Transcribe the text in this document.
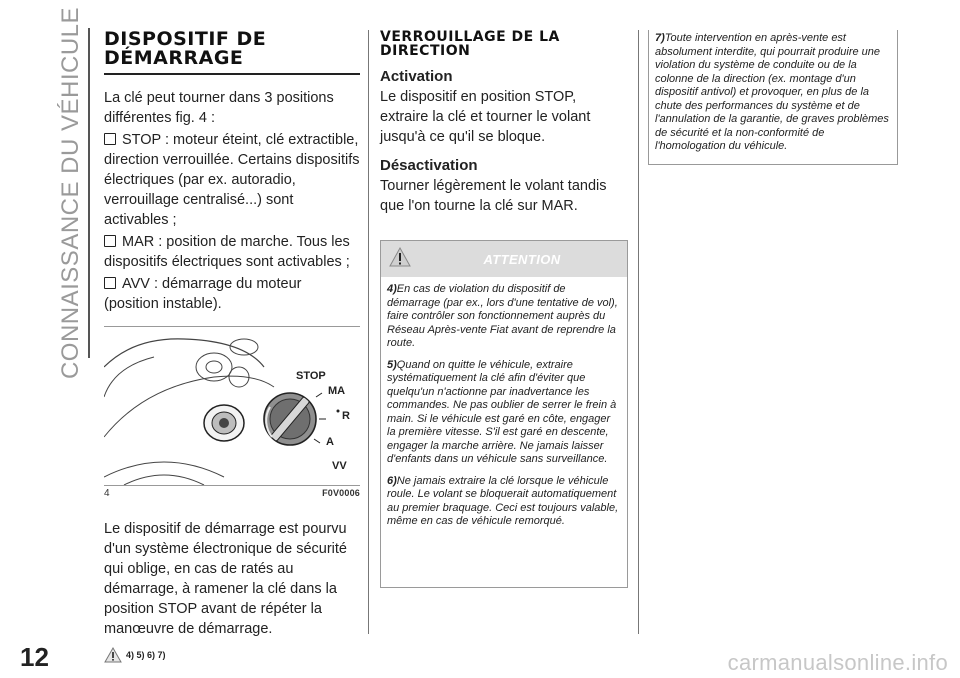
CONNAISSANCE DU VÉHICULE DISPOSITIF DE
DÉMARRAGE

La clé peut tourner dans 3 positions différentes fig. 4 :

STOP : moteur éteint, clé extractible, direction verrouillée. Certains dispositifs électriques (par ex. autoradio, verrouillage centralisé...) sont activables ;
MAR : position de marche. Tous les dispositifs électriques sont activables ;
AVV : démarrage du moteur (position instable).
STOP
MA
R
A
VV
4	F0V0006

Le dispositif de démarrage est pourvu d'un système électronique de sécurité qui oblige, en cas de ratés au démarrage, à ramener la clé dans la position STOP avant de répéter la manœuvre de démarrage.

4) 5) 6) 7)
VERROUILLAGE DE LA
DIRECTION
Activation

Le dispositif en position STOP, extraire la clé et tourner le volant jusqu'à ce qu'il se bloque.

Désactivation

Tourner légèrement le volant tandis que l'on tourne la clé sur MAR.

ATTENTION

4)En cas de violation du dispositif de démarrage (par ex., lors d'une tentative de vol), faire contrôler son fonctionnement auprès du Réseau Après-vente Fiat avant de reprendre la route.

5)Quand on quitte le véhicule, extraire systématiquement la clé afin d'éviter que quelqu'un n'actionne par inadvertance les commandes. Ne pas oublier de serrer le frein à main. Si le véhicule est garé en côte, engager la première vitesse. S'il est garé en descente, engager la marche arrière. Ne jamais laisser d'enfants dans un véhicule sans surveillance.

6)Ne jamais extraire la clé lorsque le véhicule roule. Le volant se bloquerait automatiquement au premier braquage. Ceci est toujours valable, même en cas de véhicule remorqué.

7)Toute intervention en après-vente est absolument interdite, qui pourrait produire une violation du système de conduite ou de la colonne de la direction (ex. montage d'un dispositif antivol) et provoquer, en plus de la chute des performances du système et de l'annulation de la garantie, de graves problèmes de sécurité et la non-conformité de l'homologation du véhicule.

12	carmanualsonline.info
